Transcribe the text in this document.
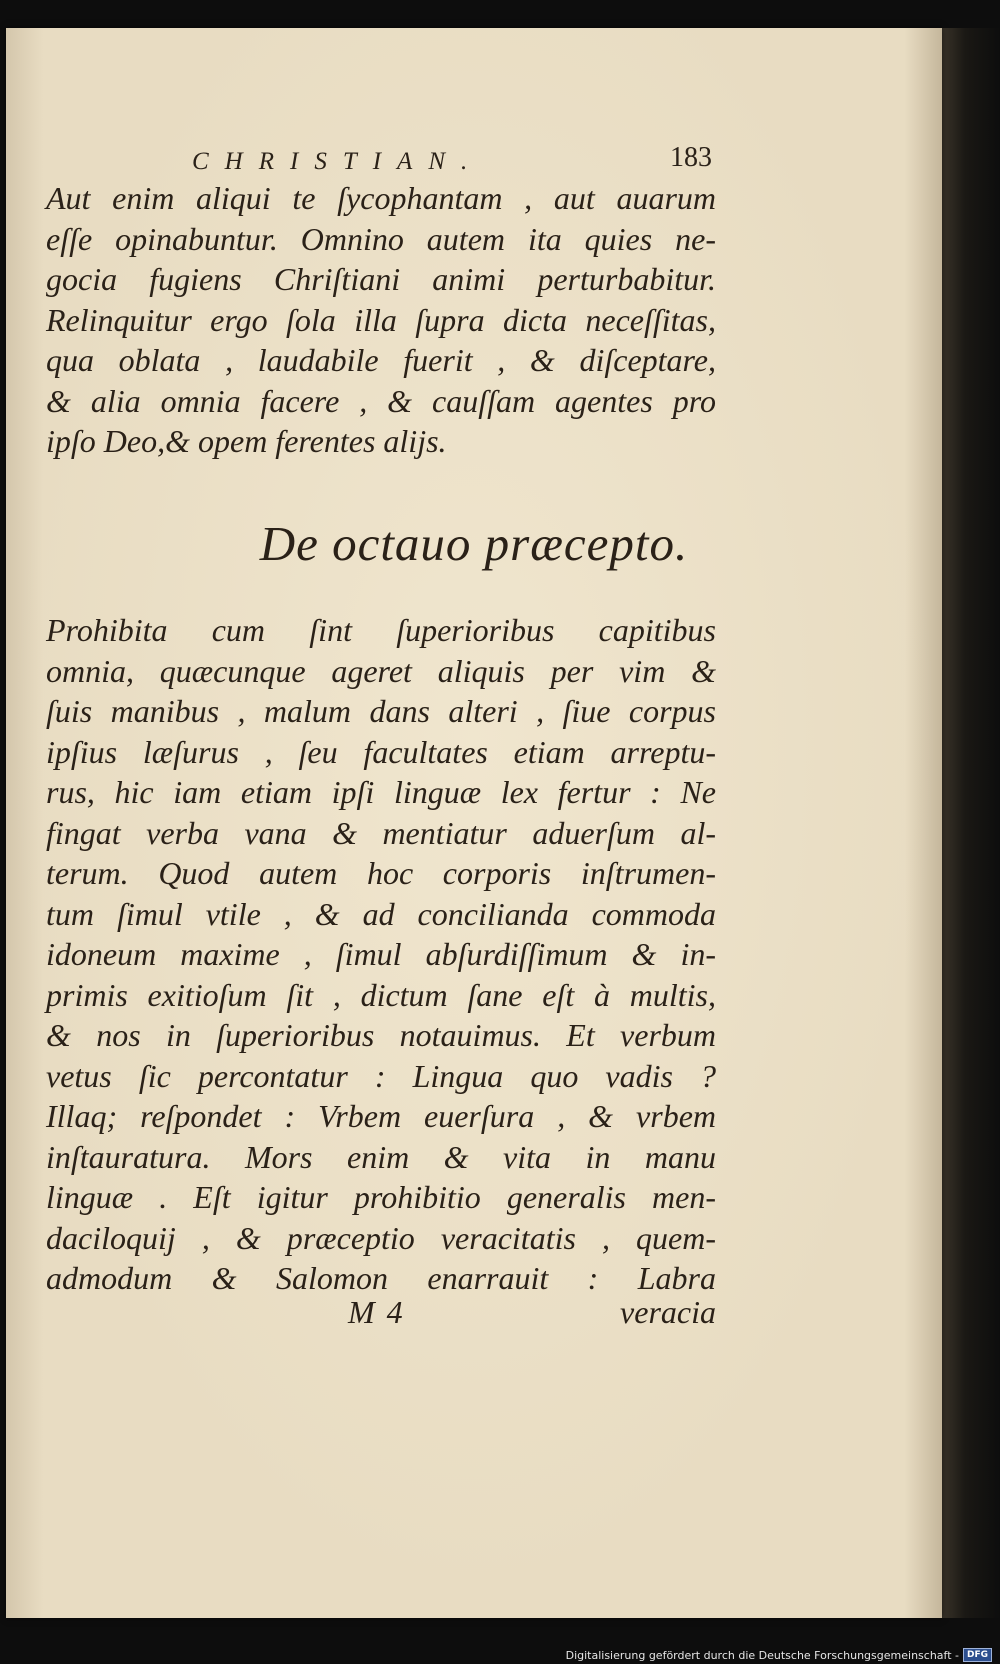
CHRISTIAN.	183
Aut enim aliqui te ſycophantam , aut auarum
eſſe opinabuntur. Omnino autem ita quies ne-
gocia fugiens Chriſtiani animi perturbabitur.
Relinquitur ergo ſola illa ſupra dicta neceſſitas,
qua oblata , laudabile fuerit , & diſceptare,
& alia omnia facere , & cauſſam agentes pro
ipſo Deo,& opem ferentes alijs.
De octauo præcepto.
Prohibita cum ſint ſuperioribus capitibus
omnia, quæcunque ageret aliquis per vim &
ſuis manibus , malum dans alteri , ſiue corpus
ipſius læſurus , ſeu facultates etiam arreptu-
rus, hic iam etiam ipſi linguæ lex fertur : Ne
fingat verba vana & mentiatur aduerſum al-
terum. Quod autem hoc corporis inſtrumen-
tum ſimul vtile , & ad concilianda commoda
idoneum maxime , ſimul abſurdiſſimum & in-
primis exitioſum ſit , dictum ſane eſt à multis,
& nos in ſuperioribus notauimus. Et verbum
vetus ſic percontatur : Lingua quo vadis ?
Illaq; reſpondet : Vrbem euerſura , & vrbem
inſtauratura. Mors enim & vita in manu
linguæ . Eſt igitur prohibitio generalis men-
daciloquij , & præceptio veracitatis , quem-
admodum & Salomon enarrauit : Labra
M 4	veracia
Digitalisierung gefördert durch die Deutsche Forschungsgemeinschaft - DFG
